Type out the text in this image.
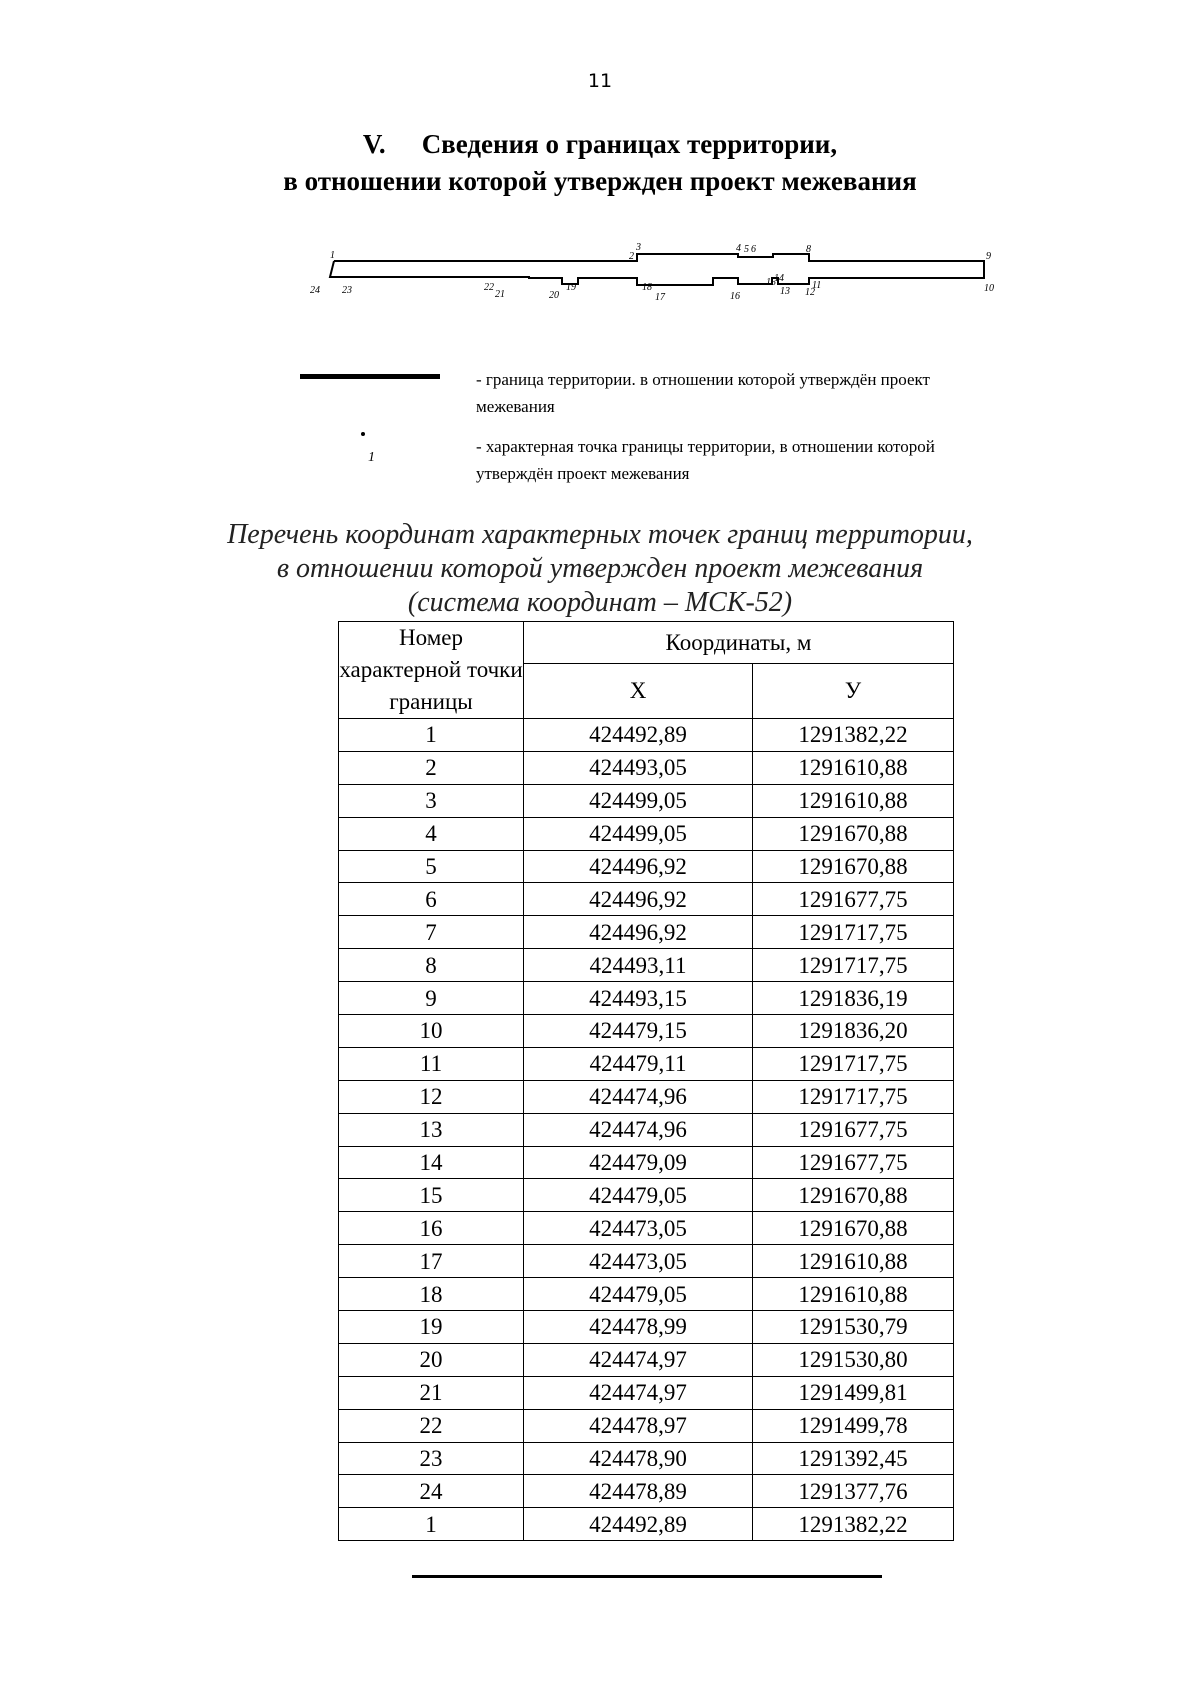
11
V. Сведения о границах территории,
в отношении которой утвержден проект межевания
1	2
3	4 5 6	8
9
10
11
12
13
14
15
16
17
18
19
20
21
22
23
24
- граница территории. в отношении которой утверждён проект межевания
1
- характерная точка границы территории, в отношении которой утверждён проект межевания
Перечень координат характерных точек границ территории,
в отношении которой утвержден проект межевания
(система координат – МСК-52)
Номер характерной точки границы	Координаты, м	
	X	У
1	424492,89	1291382,22
2	424493,05	1291610,88
3	424499,05	1291610,88
4	424499,05	1291670,88
5	424496,92	1291670,88
6	424496,92	1291677,75
7	424496,92	1291717,75
8	424493,11	1291717,75
9	424493,15	1291836,19
10	424479,15	1291836,20
11	424479,11	1291717,75
12	424474,96	1291717,75
13	424474,96	1291677,75
14	424479,09	1291677,75
15	424479,05	1291670,88
16	424473,05	1291670,88
17	424473,05	1291610,88
18	424479,05	1291610,88
19	424478,99	1291530,79
20	424474,97	1291530,80
21	424474,97	1291499,81
22	424478,97	1291499,78
23	424478,90	1291392,45
24	424478,89	1291377,76
1	424492,89	1291382,22
